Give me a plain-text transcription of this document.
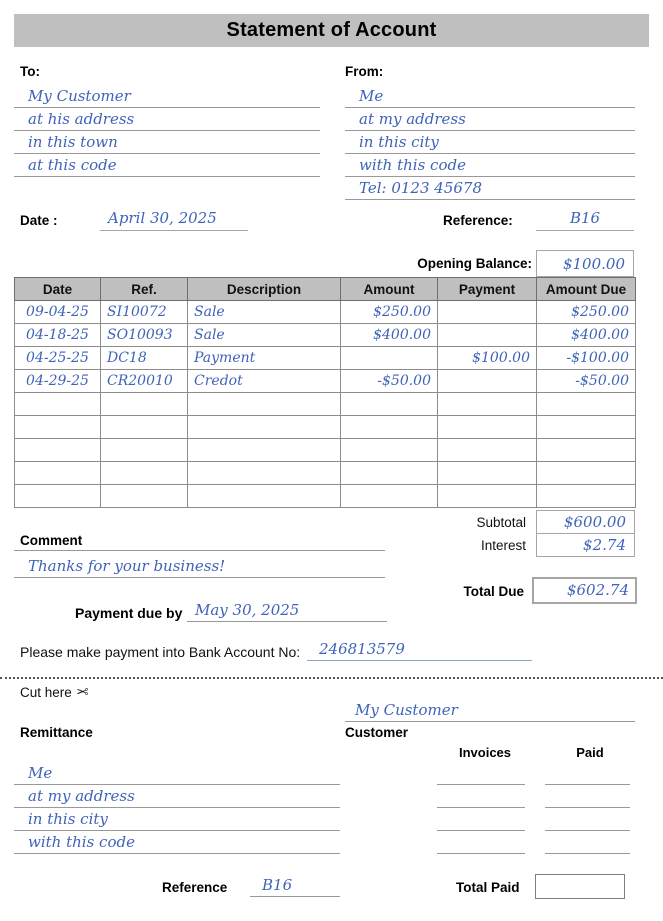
Statement of Account
To:
My Customer
at his address
in this town
at this code
From:
Me
at my address
in this city
with this code
Tel: 0123 45678
Date :	April 30, 2025	Reference:	B16
Opening Balance:	$100.00
Date	Ref.	Description	Amount	Payment	Amount Due
09-04-25	SI10072	Sale	$250.00		$250.00
04-18-25	SO10093	Sale	$400.00		$400.00
04-25-25	DC18	Payment		$100.00	-$100.00
04-29-25	CR20010	Credot	-$50.00		-$50.00

Subtotal	$600.00
Interest	$2.74
Comment
Thanks for your business!
Total Due	$602.74
Payment due by May 30, 2025
Please make payment into Bank Account No:	246813579
Cut here ✂
My Customer
Customer
Remittance
Invoices	Paid
Me
at my address
in this city
with this code
Reference	B16	Total Paid
